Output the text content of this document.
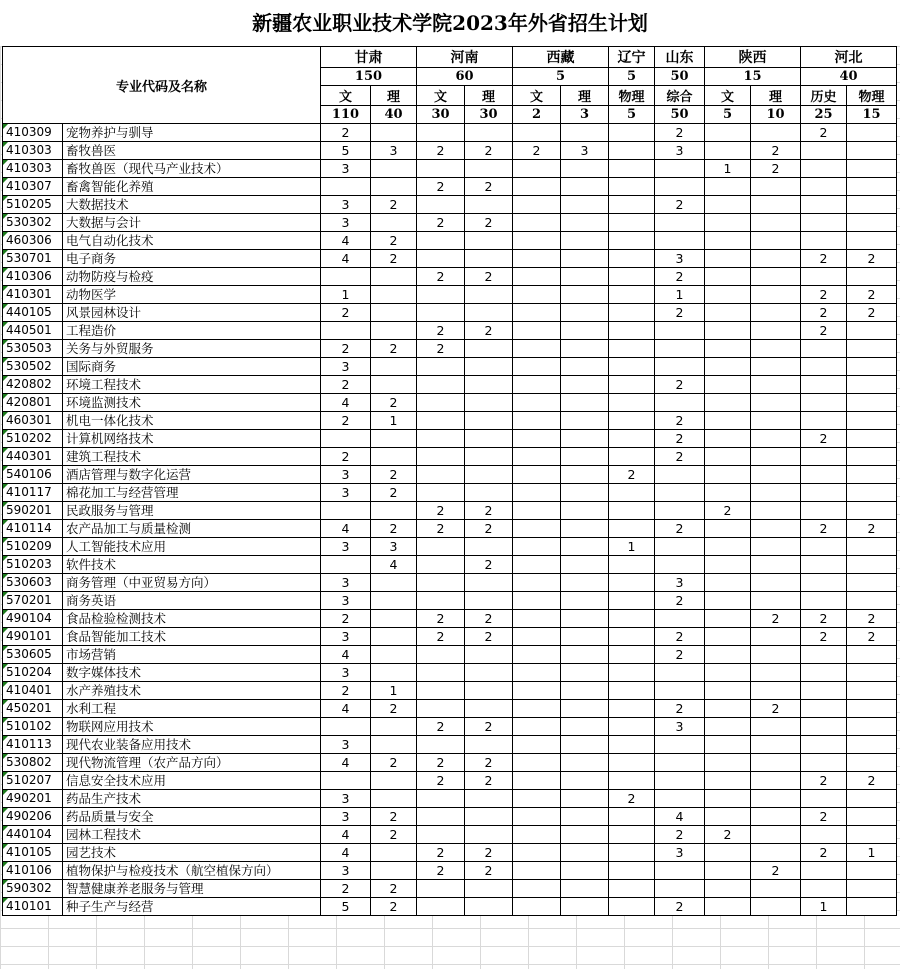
新疆农业职业技术学院2023年外省招生计划
专业代码及名称		甘肃		河南		西藏		辽宁	山东	陕西		河北	
		150		60		5		5	50	15		40	
		文	理	文	理	文	理	物理	综合	文	理	历史	物理
		110	40	30	30	2	3	5	50	5	10	25	15
410309	宠物养护与驯导	2							2			2	
410303	畜牧兽医	5	3	2	2	2	3		3		2		
410303	畜牧兽医（现代马产业技术）	3								1	2		
410307	畜禽智能化养殖			2	2								
510205	大数据技术	3	2						2				
530302	大数据与会计	3		2	2								
460306	电气自动化技术	4	2										
530701	电子商务	4	2						3			2	2
410306	动物防疫与检疫			2	2				2				
410301	动物医学	1							1			2	2
440105	风景园林设计	2							2			2	2
440501	工程造价			2	2							2	
530503	关务与外贸服务	2	2	2									
530502	国际商务	3											
420802	环境工程技术	2							2				
420801	环境监测技术	4	2										
460301	机电一体化技术	2	1						2				
510202	计算机网络技术								2			2	
440301	建筑工程技术	2							2				
540106	酒店管理与数字化运营	3	2					2					
410117	棉花加工与经营管理	3	2										
590201	民政服务与管理			2	2					2			
410114	农产品加工与质量检测	4	2	2	2				2			2	2
510209	人工智能技术应用	3	3					1					
510203	软件技术		4		2								
530603	商务管理（中亚贸易方向）	3							3				
570201	商务英语	3							2				
490104	食品检验检测技术	2		2	2						2	2	2
490101	食品智能加工技术	3		2	2				2			2	2
530605	市场营销	4							2				
510204	数字媒体技术	3											
410401	水产养殖技术	2	1										
450201	水利工程	4	2						2		2		
510102	物联网应用技术			2	2				3				
410113	现代农业装备应用技术	3											
530802	现代物流管理（农产品方向）	4	2	2	2								
510207	信息安全技术应用			2	2							2	2
490201	药品生产技术	3						2					
490206	药品质量与安全	3	2						4			2	
440104	园林工程技术	4	2						2	2			
410105	园艺技术	4		2	2				3			2	1
410106	植物保护与检疫技术（航空植保方向）	3		2	2						2		
590302	智慧健康养老服务与管理	2	2										
410101	种子生产与经营	5	2						2			1	
